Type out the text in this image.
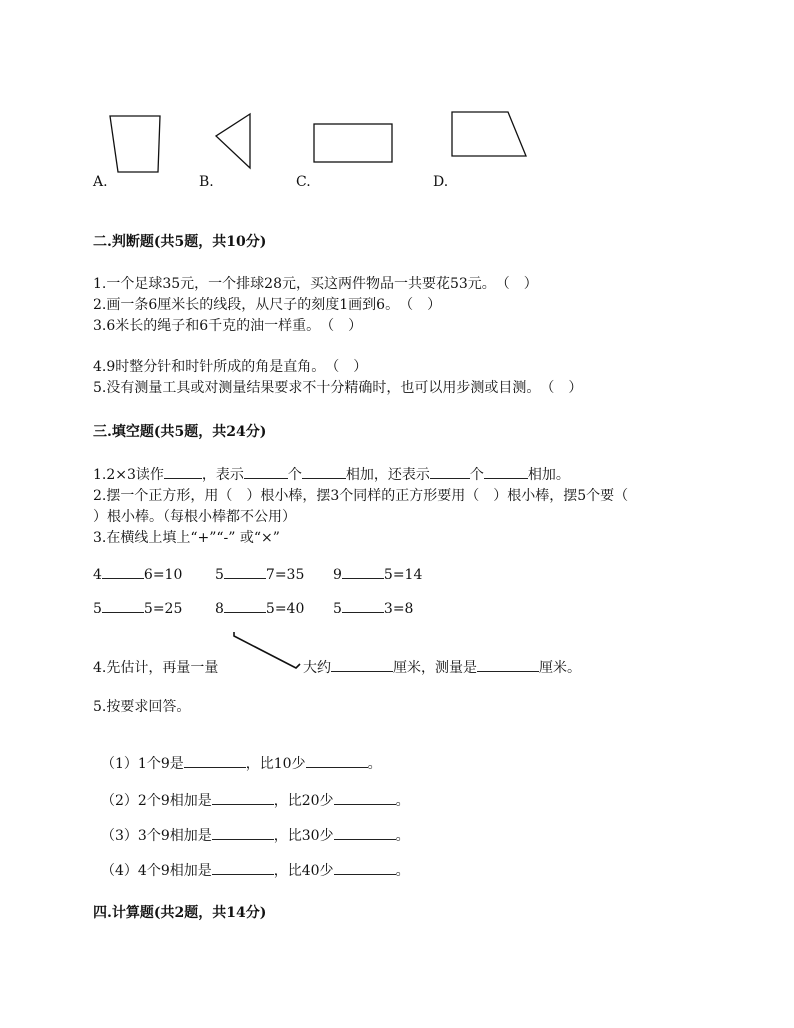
A.	B.	C.	D.
二.判断题(共5题，共10分)
1.一个足球35元，一个排球28元，买这两件物品一共要花53元。　（　）
2.画一条6厘米长的线段，从尺子的刻度1画到6。　（　）
3.6米长的绳子和6千克的油一样重。　（　）
4.9时整分针和时针所成的角是直角。　（　）
5.没有测量工具或对测量结果要求不十分精确时，也可以用步测或目测。　（　）
三.填空题(共5题，共24分)
1.2×3读作	，表示	个	相加，还表示	个	相加。
2.摆一个正方形，用（　）根小棒，摆3个同样的正方形要用（　）根小棒，摆5个要（
）根小棒。（每根小棒都不公用）
3.在横线上填上“+”“-” 或“×”
4	6=10 5	7=35 9	5=14
5	5=25 8	5=40 5	3=8
4.先估计，再量一量	大约	厘米，测量是	厘米。
5.按要求回答。
（1）1个9是	，比10少	。
（2）2个9相加是	，比20少	。
（3）3个9相加是	，比30少	。
（4）4个9相加是	，比40少	。
四.计算题(共2题，共14分)
